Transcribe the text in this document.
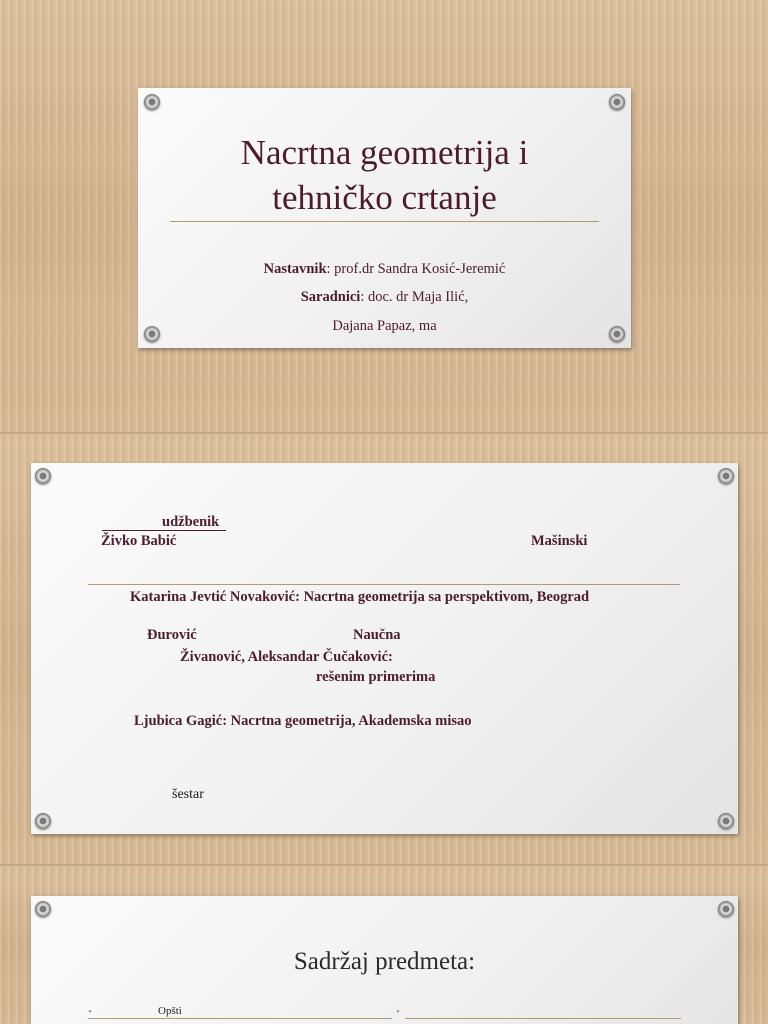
Nacrtna geometrija i
tehničko crtanje
Nastavnik: prof.dr Sandra Kosić-Jeremić
Saradnici: doc. dr Maja Ilić,
Dajana Papaz, ma
udžbenik
Živko Babić	Mašinski
Katarina Jevtić Novaković: Nacrtna geometrija sa perspektivom, Beograd
Đurović	Naučna
Živanović, Aleksandar Čučaković:
rešenim primerima
Ljubica Gagić: Nacrtna geometrija, Akademska misao
šestar
Sadržaj predmeta:
•	Opšti	•
